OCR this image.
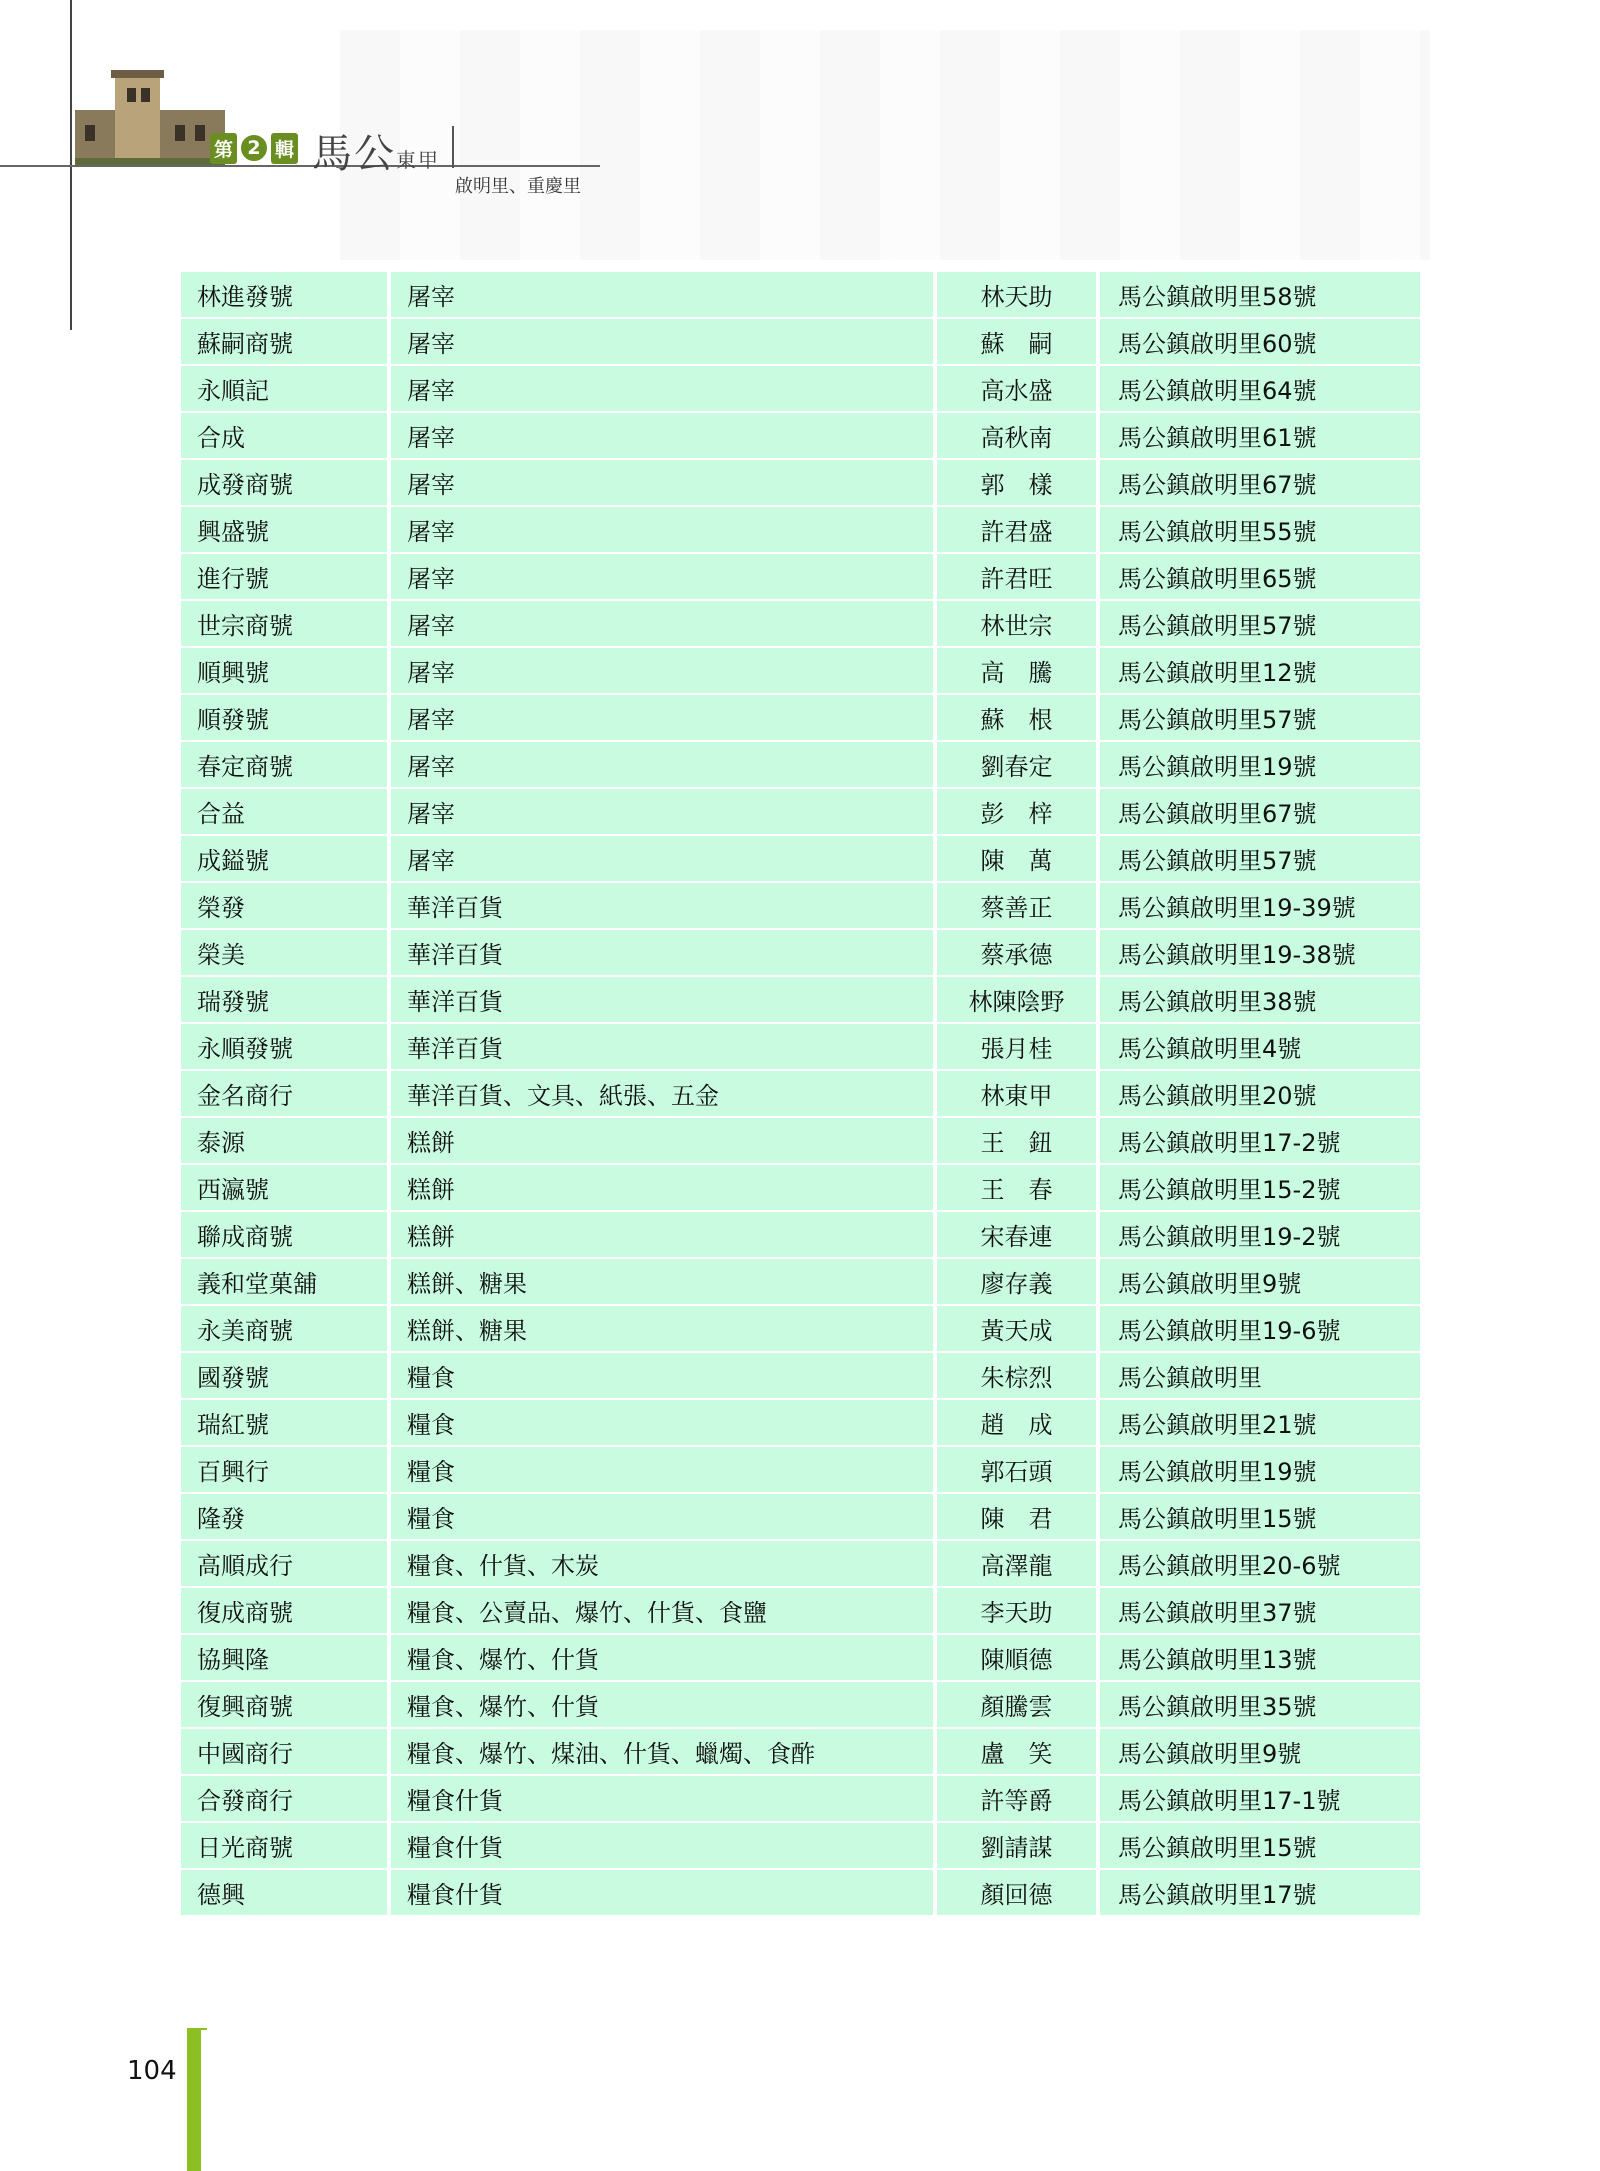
第 2 輯 馬公東甲
啟明里、重慶里
林進發號	屠宰	林天助	馬公鎮啟明里58號
蘇嗣商號	屠宰	蘇　嗣	馬公鎮啟明里60號
永順記	屠宰	高水盛	馬公鎮啟明里64號
合成	屠宰	高秋南	馬公鎮啟明里61號
成發商號	屠宰	郭　樣	馬公鎮啟明里67號
興盛號	屠宰	許君盛	馬公鎮啟明里55號
進行號	屠宰	許君旺	馬公鎮啟明里65號
世宗商號	屠宰	林世宗	馬公鎮啟明里57號
順興號	屠宰	高　騰	馬公鎮啟明里12號
順發號	屠宰	蘇　根	馬公鎮啟明里57號
春定商號	屠宰	劉春定	馬公鎮啟明里19號
合益	屠宰	彭　梓	馬公鎮啟明里67號
成鎰號	屠宰	陳　萬	馬公鎮啟明里57號
榮發	華洋百貨	蔡善正	馬公鎮啟明里19-39號
榮美	華洋百貨	蔡承德	馬公鎮啟明里19-38號
瑞發號	華洋百貨	林陳陰野	馬公鎮啟明里38號
永順發號	華洋百貨	張月桂	馬公鎮啟明里4號
金名商行	華洋百貨、文具、紙張、五金	林東甲	馬公鎮啟明里20號
泰源	糕餅	王　鈕	馬公鎮啟明里17-2號
西瀛號	糕餅	王　春	馬公鎮啟明里15-2號
聯成商號	糕餅	宋春連	馬公鎮啟明里19-2號
義和堂菓舖	糕餅、糖果	廖存義	馬公鎮啟明里9號
永美商號	糕餅、糖果	黃天成	馬公鎮啟明里19-6號
國發號	糧食	朱棕烈	馬公鎮啟明里
瑞紅號	糧食	趙　成	馬公鎮啟明里21號
百興行	糧食	郭石頭	馬公鎮啟明里19號
隆發	糧食	陳　君	馬公鎮啟明里15號
高順成行	糧食、什貨、木炭	高澤龍	馬公鎮啟明里20-6號
復成商號	糧食、公賣品、爆竹、什貨、食鹽	李天助	馬公鎮啟明里37號
協興隆	糧食、爆竹、什貨	陳順德	馬公鎮啟明里13號
復興商號	糧食、爆竹、什貨	顏騰雲	馬公鎮啟明里35號
中國商行	糧食、爆竹、煤油、什貨、蠟燭、食酢	盧　笑	馬公鎮啟明里9號
合發商行	糧食什貨	許等爵	馬公鎮啟明里17-1號
日光商號	糧食什貨	劉請謀	馬公鎮啟明里15號
德興	糧食什貨	顏回德	馬公鎮啟明里17號
104
